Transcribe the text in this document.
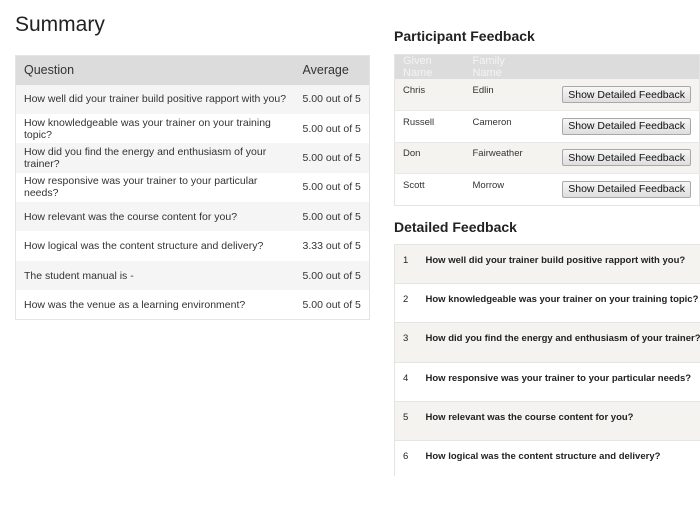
Summary
Question	Average
How well did your trainer build positive rapport with you?	5.00 out of 5
How knowledgeable was your trainer on your training topic?	5.00 out of 5
How did you find the energy and enthusiasm of your trainer?	5.00 out of 5
How responsive was your trainer to your particular needs?	5.00 out of 5
How relevant was the course content for you?	5.00 out of 5
How logical was the content structure and delivery?	3.33 out of 5
The student manual is -	5.00 out of 5
How was the venue as a learning environment?	5.00 out of 5
Participant Feedback
Given Name	Family Name	
Chris	Edlin	Show Detailed Feedback
Russell	Cameron	Show Detailed Feedback
Don	Fairweather	Show Detailed Feedback
Scott	Morrow	Show Detailed Feedback
Detailed Feedback
1	How well did your trainer build positive rapport with you?
2	How knowledgeable was your trainer on your training topic?
3	How did you find the energy and enthusiasm of your trainer?
4	How responsive was your trainer to your particular needs?
5	How relevant was the course content for you?
6	How logical was the content structure and delivery?
